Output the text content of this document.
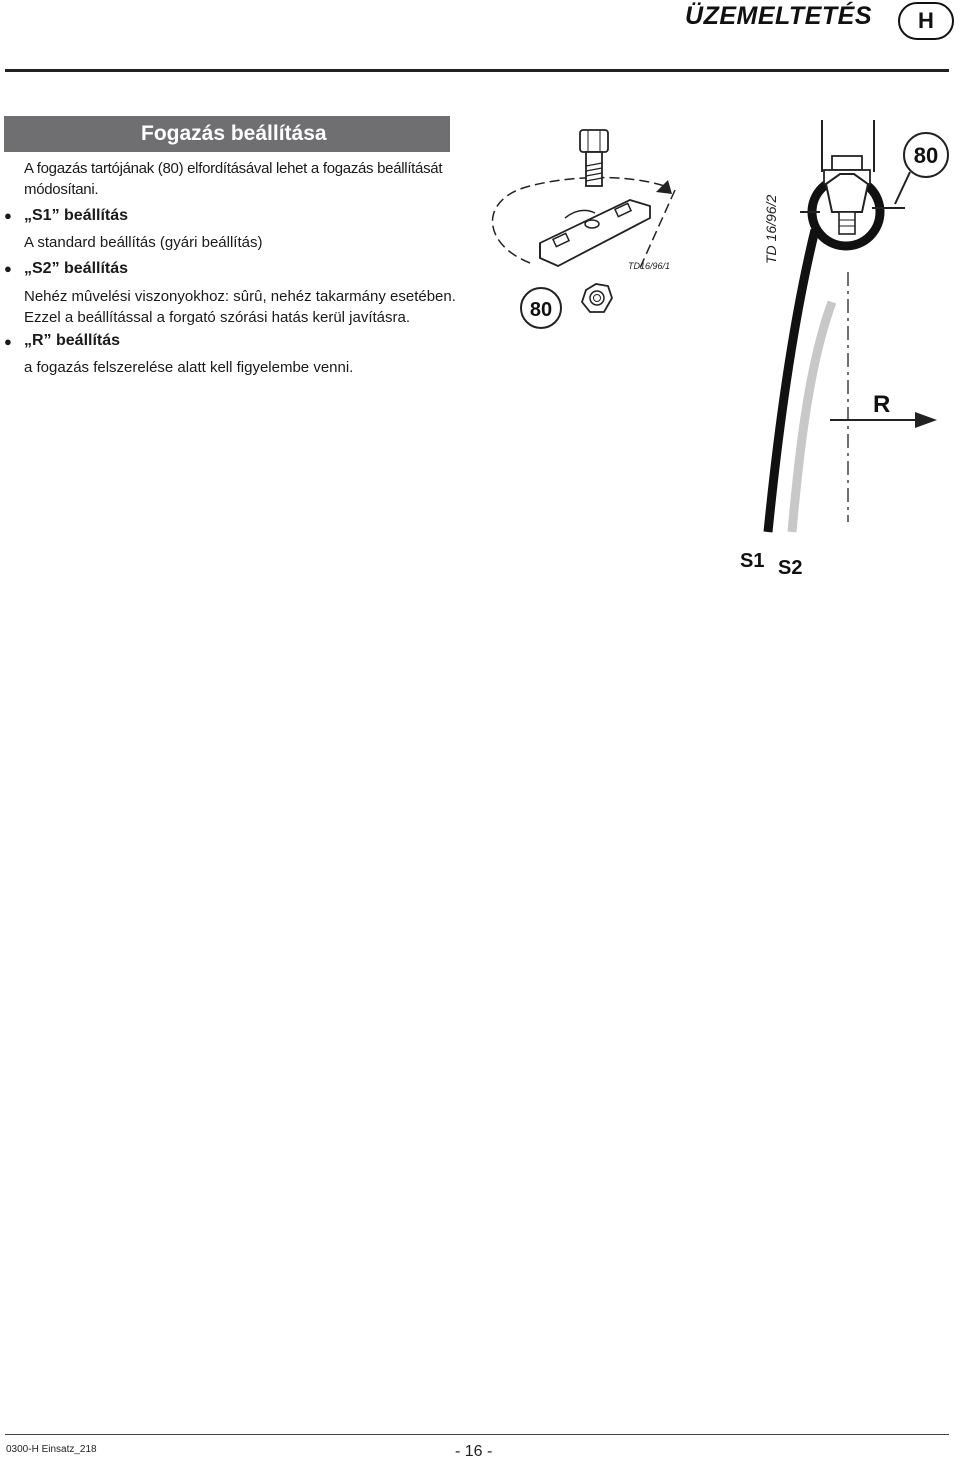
ÜZEMELTETÉS	H
Fogazás beállítása
A fogazás tartójának (80) elfordításával lehet a fogazás beállítását
módosítani.
● „S1” beállítás
A standard beállítás (gyári beállítás)
● „S2” beállítás
Nehéz mûvelési viszonyokhoz: sûrû, nehéz takarmány esetében.
Ezzel a beállítással a forgató szórási hatás kerül javításra.
● „R” beállítás
a fogazás felszerelése alatt kell figyelembe venni.
80
TD16/96/1
TD 16/96/2
80
R
S1 S2
0300-H Einsatz_218	- 16 -
